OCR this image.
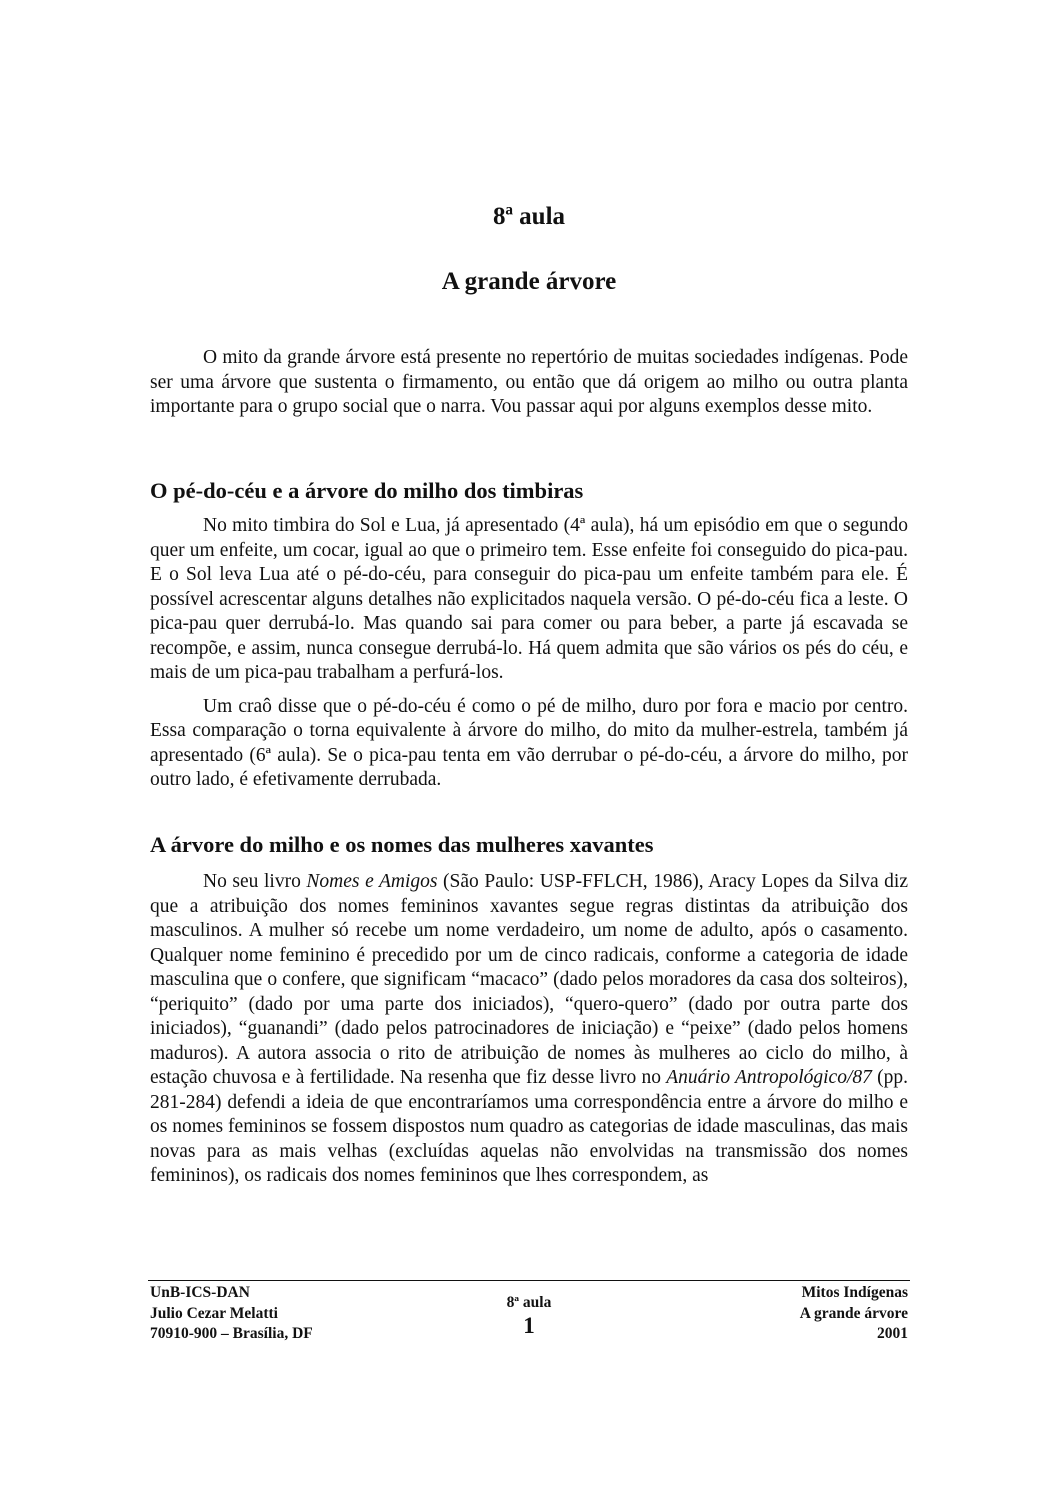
8ª aula
A grande árvore

O mito da grande árvore está presente no repertório de muitas sociedades indígenas. Pode ser uma árvore que sustenta o firmamento, ou então que dá origem ao milho ou outra planta importante para o grupo social que o narra. Vou passar aqui por alguns exemplos desse mito.

O pé-do-céu e a árvore do milho dos timbiras

No mito timbira do Sol e Lua, já apresentado (4ª aula), há um episódio em que o segundo quer um enfeite, um cocar, igual ao que o primeiro tem. Esse enfeite foi conseguido do pica-pau. E o Sol leva Lua até o pé-do-céu, para conseguir do pica-pau um enfeite também para ele. É possível acrescentar alguns detalhes não explicitados naquela versão. O pé-do-céu fica a leste. O pica-pau quer derrubá-lo. Mas quando sai para comer ou para beber, a parte já escavada se recompõe, e assim, nunca consegue derrubá-lo. Há quem admita que são vários os pés do céu, e mais de um pica-pau trabalham a perfurá-los.

Um craô disse que o pé-do-céu é como o pé de milho, duro por fora e macio por centro. Essa comparação o torna equivalente à árvore do milho, do mito da mulher-estrela, também já apresentado (6ª aula). Se o pica-pau tenta em vão derrubar o pé-do-céu, a árvore do milho, por outro lado, é efetivamente derrubada.

A árvore do milho e os nomes das mulheres xavantes

No seu livro Nomes e Amigos (São Paulo: USP-FFLCH, 1986), Aracy Lopes da Silva diz que a atribuição dos nomes femininos xavantes segue regras distintas da atribuição dos masculinos. A mulher só recebe um nome verdadeiro, um nome de adulto, após o casamento. Qualquer nome feminino é precedido por um de cinco radicais, conforme a categoria de idade masculina que o confere, que significam “macaco” (dado pelos moradores da casa dos solteiros), “periquito” (dado por uma parte dos iniciados), “quero-quero” (dado por outra parte dos iniciados), “guanandi” (dado pelos patrocinadores de iniciação) e “peixe” (dado pelos homens maduros). A autora associa o rito de atribuição de nomes às mulheres ao ciclo do milho, à estação chuvosa e à fertilidade. Na resenha que fiz desse livro no Anuário Antropológico/87 (pp. 281-284) defendi a ideia de que encontraríamos uma correspondência entre a árvore do milho e os nomes femininos se fossem dispostos num quadro as categorias de idade masculinas, das mais novas para as mais velhas (excluídas aquelas não envolvidas na transmissão dos nomes femininos), os radicais dos nomes femininos que lhes correspondem, as

UnB-ICS-DAN
Julio Cezar Melatti
70910-900 – Brasília, DF
8ª aula
1
Mitos Indígenas
A grande árvore
2001
